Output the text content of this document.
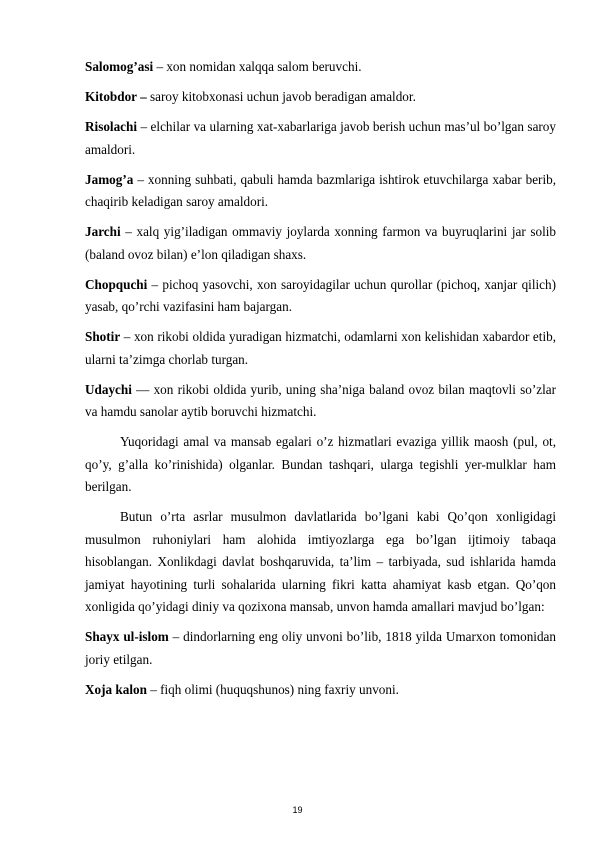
Salomog’asi – xon nomidan xalqqa salom beruvchi.

Kitobdor – saroy kitobxonasi uchun javob beradigan amaldor.

Risolachi – elchilar va ularning xat-xabarlariga javob berish uchun mas’ul bo’lgan saroy amaldori.

Jamog’a – xonning suhbati, qabuli hamda bazmlariga ishtirok etuvchilarga xabar berib, chaqirib keladigan saroy amaldori.

Jarchi – xalq yig’iladigan ommaviy joylarda xonning farmon va buyruqlarini jar solib (baland ovoz bilan) e’lon qiladigan shaxs.

Chopquchi – pichoq yasovchi, xon saroyidagilar uchun qurollar (pichoq, xanjar qilich) yasab, qo’rchi vazifasini ham bajargan.

Shotir – xon rikobi oldida yuradigan hizmatchi, odamlarni xon kelishidan xabardor etib, ularni ta’zimga chorlab turgan.

Udaychi — xon rikobi oldida yurib, uning sha’niga baland ovoz bilan maqtovli so’zlar va hamdu sanolar aytib boruvchi hizmatchi.

Yuqoridagi amal va mansab egalari o’z hizmatlari evaziga yillik maosh (pul, ot, qo’y, g’alla ko’rinishida) olganlar. Bundan tashqari, ularga tegishli yer-mulklar ham berilgan.

Butun o’rta asrlar musulmon davlatlarida bo’lgani kabi Qo’qon xonligidagi musulmon ruhoniylari ham alohida imtiyozlarga ega bo’lgan ijtimoiy tabaqa hisoblangan. Xonlikdagi davlat boshqaruvida, ta’lim – tarbiyada, sud ishlarida hamda jamiyat hayotining turli sohalarida ularning fikri katta ahamiyat kasb etgan. Qo’qon xonligida qo’yidagi diniy va qozixona mansab, unvon hamda amallari mavjud bo’lgan:

Shayx ul-islom – dindorlarning eng oliy unvoni bo’lib, 1818 yilda Umarxon tomonidan joriy etilgan.

Xoja kalon – fiqh olimi (huquqshunos) ning faxriy unvoni.

19
